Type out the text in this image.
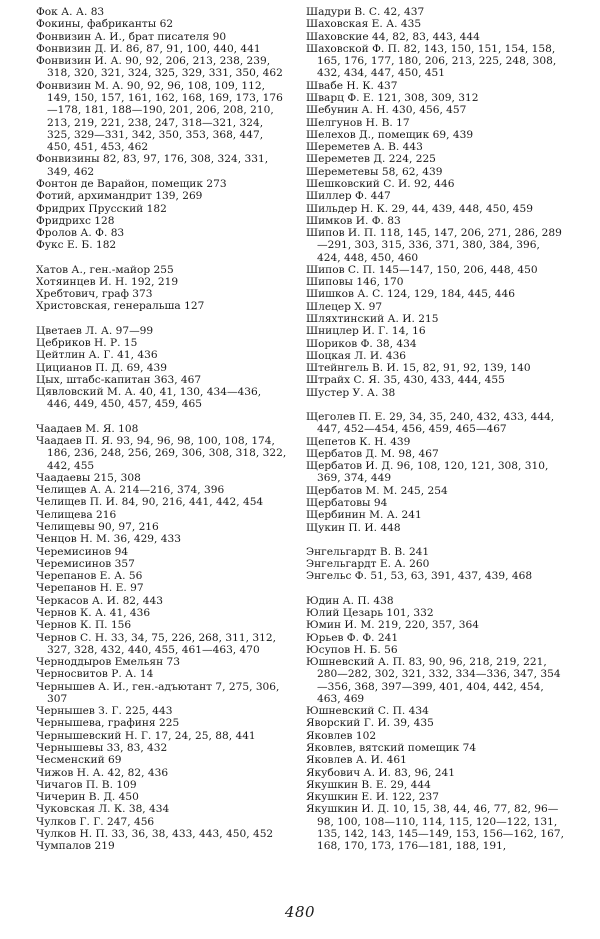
Фок А. А. 83
Фокины, фабриканты 62
Фонвизин А. И., брат писателя 90
Фонвизин Д. И. 86, 87, 91, 100, 440, 441
Фонвизин И. А. 90, 92, 206, 213, 238, 239, 318, 320, 321, 324, 325, 329, 331, 350, 462
Фонвизин М. А. 90, 92, 96, 108, 109, 112, 149, 150, 157, 161, 162, 168, 169, 173, 176—178, 181, 188—190, 201, 206, 208, 210, 213, 219, 221, 238, 247, 318—321, 324, 325, 329—331, 342, 350, 353, 368, 447, 450, 451, 453, 462
Фонвизины 82, 83, 97, 176, 308, 324, 331, 349, 462
Фонтон де Варайон, помещик 273
Фотий, архимандрит 139, 269
Фридрих Прусский 182
Фридрихс 128
Фролов А. Ф. 83
Фукс Е. Б. 182
Хатов А., ген.-майор 255
Хотяинцев И. Н. 192, 219
Хребтович, граф 373
Христовская, генеральша 127
Цветаев Л. А. 97—99
Цебриков Н. Р. 15
Цейтлин А. Г. 41, 436
Цицианов П. Д. 69, 439
Цых, штабс-капитан 363, 467
Цявловский М. А. 40, 41, 130, 434—436, 446, 449, 450, 457, 459, 465
Чаадаев М. Я. 108
Чаадаев П. Я. 93, 94, 96, 98, 100, 108, 174, 186, 236, 248, 256, 269, 306, 308, 318, 322, 442, 455
Чаадаевы 215, 308
Челищев А. А. 214—216, 374, 396
Челищев П. И. 84, 90, 216, 441, 442, 454
Челищева 216
Челищевы 90, 97, 216
Ченцов Н. М. 36, 429, 433
Черемисинов 94
Черемисинов 357
Черепанов Е. А. 56
Черепанов Н. Е. 97
Черкасов А. И. 82, 443
Чернов К. А. 41, 436
Чернов К. П. 156
Чернов С. Н. 33, 34, 75, 226, 268, 311, 312, 327, 328, 432, 440, 455, 461—463, 470
Черноддыров Емельян 73
Черносвитов Р. А. 14
Чернышев А. И., ген.-адъютант 7, 275, 306, 307
Чернышев З. Г. 225, 443
Чернышева, графиня 225
Чернышевский Н. Г. 17, 24, 25, 88, 441
Чернышевы 33, 83, 432
Чесменский 69
Чижов Н. А. 42, 82, 436
Чичагов П. В. 109
Чичерин В. Д. 450
Чуковская Л. К. 38, 434
Чулков Г. Г. 247, 456
Чулков Н. П. 33, 36, 38, 433, 443, 450, 452
Чумпалов 219
Шадури В. С. 42, 437
Шаховская Е. А. 435
Шаховские 44, 82, 83, 443, 444
Шаховской Ф. П. 82, 143, 150, 151, 154, 158, 165, 176, 177, 180, 206, 213, 225, 248, 308, 432, 434, 447, 450, 451
Швабе Н. К. 437
Шварц Ф. Е. 121, 308, 309, 312
Шебунин А. Н. 430, 456, 457
Шелгунов Н. В. 17
Шелехов Д., помещик 69, 439
Шереметев А. В. 443
Шереметев Д. 224, 225
Шереметевы 58, 62, 439
Шешковский С. И. 92, 446
Шиллер Ф. 447
Шильдер Н. К. 29, 44, 439, 448, 450, 459
Шимков И. Ф. 83
Шипов И. П. 118, 145, 147, 206, 271, 286, 289—291, 303, 315, 336, 371, 380, 384, 396, 424, 448, 450, 460
Шипов С. П. 145—147, 150, 206, 448, 450
Шиповы 146, 170
Шишков А. С. 124, 129, 184, 445, 446
Шлецер Х. 97
Шляхтинский А. И. 215
Шницлер И. Г. 14, 16
Шориков Ф. 38, 434
Шоцкая Л. И. 436
Штейнгель В. И. 15, 82, 91, 92, 139, 140
Штрайх С. Я. 35, 430, 433, 444, 455
Шустер У. А. 38
Щеголев П. Е. 29, 34, 35, 240, 432, 433, 444, 447, 452—454, 456, 459, 465—467
Щепетов К. Н. 439
Щербатов Д. М. 98, 467
Щербатов И. Д. 96, 108, 120, 121, 308, 310, 369, 374, 449
Щербатов М. М. 245, 254
Щербатовы 94
Щербинин М. А. 241
Щукин П. И. 448
Энгельгардт В. В. 241
Энгельгардт Е. А. 260
Энгельс Ф. 51, 53, 63, 391, 437, 439, 468
Юдин А. П. 438
Юлий Цезарь 101, 332
Юмин И. М. 219, 220, 357, 364
Юрьев Ф. Ф. 241
Юсупов Н. Б. 56
Юшневский А. П. 83, 90, 96, 218, 219, 221, 280—282, 302, 321, 332, 334—336, 347, 354—356, 368, 397—399, 401, 404, 442, 454, 463, 469
Юшневский С. П. 434
Яворский Г. И. 39, 435
Яковлев 102
Яковлев, вятский помещик 74
Яковлев А. И. 461
Якубович А. И. 83, 96, 241
Якушкин В. Е. 29, 444
Якушкин Е. И. 122, 237
Якушкин И. Д. 10, 15, 38, 44, 46, 77, 82, 96—98, 100, 108—110, 114, 115, 120—122, 131, 135, 142, 143, 145—149, 153, 156—162, 167, 168, 170, 173, 176—181, 188, 191,
480
